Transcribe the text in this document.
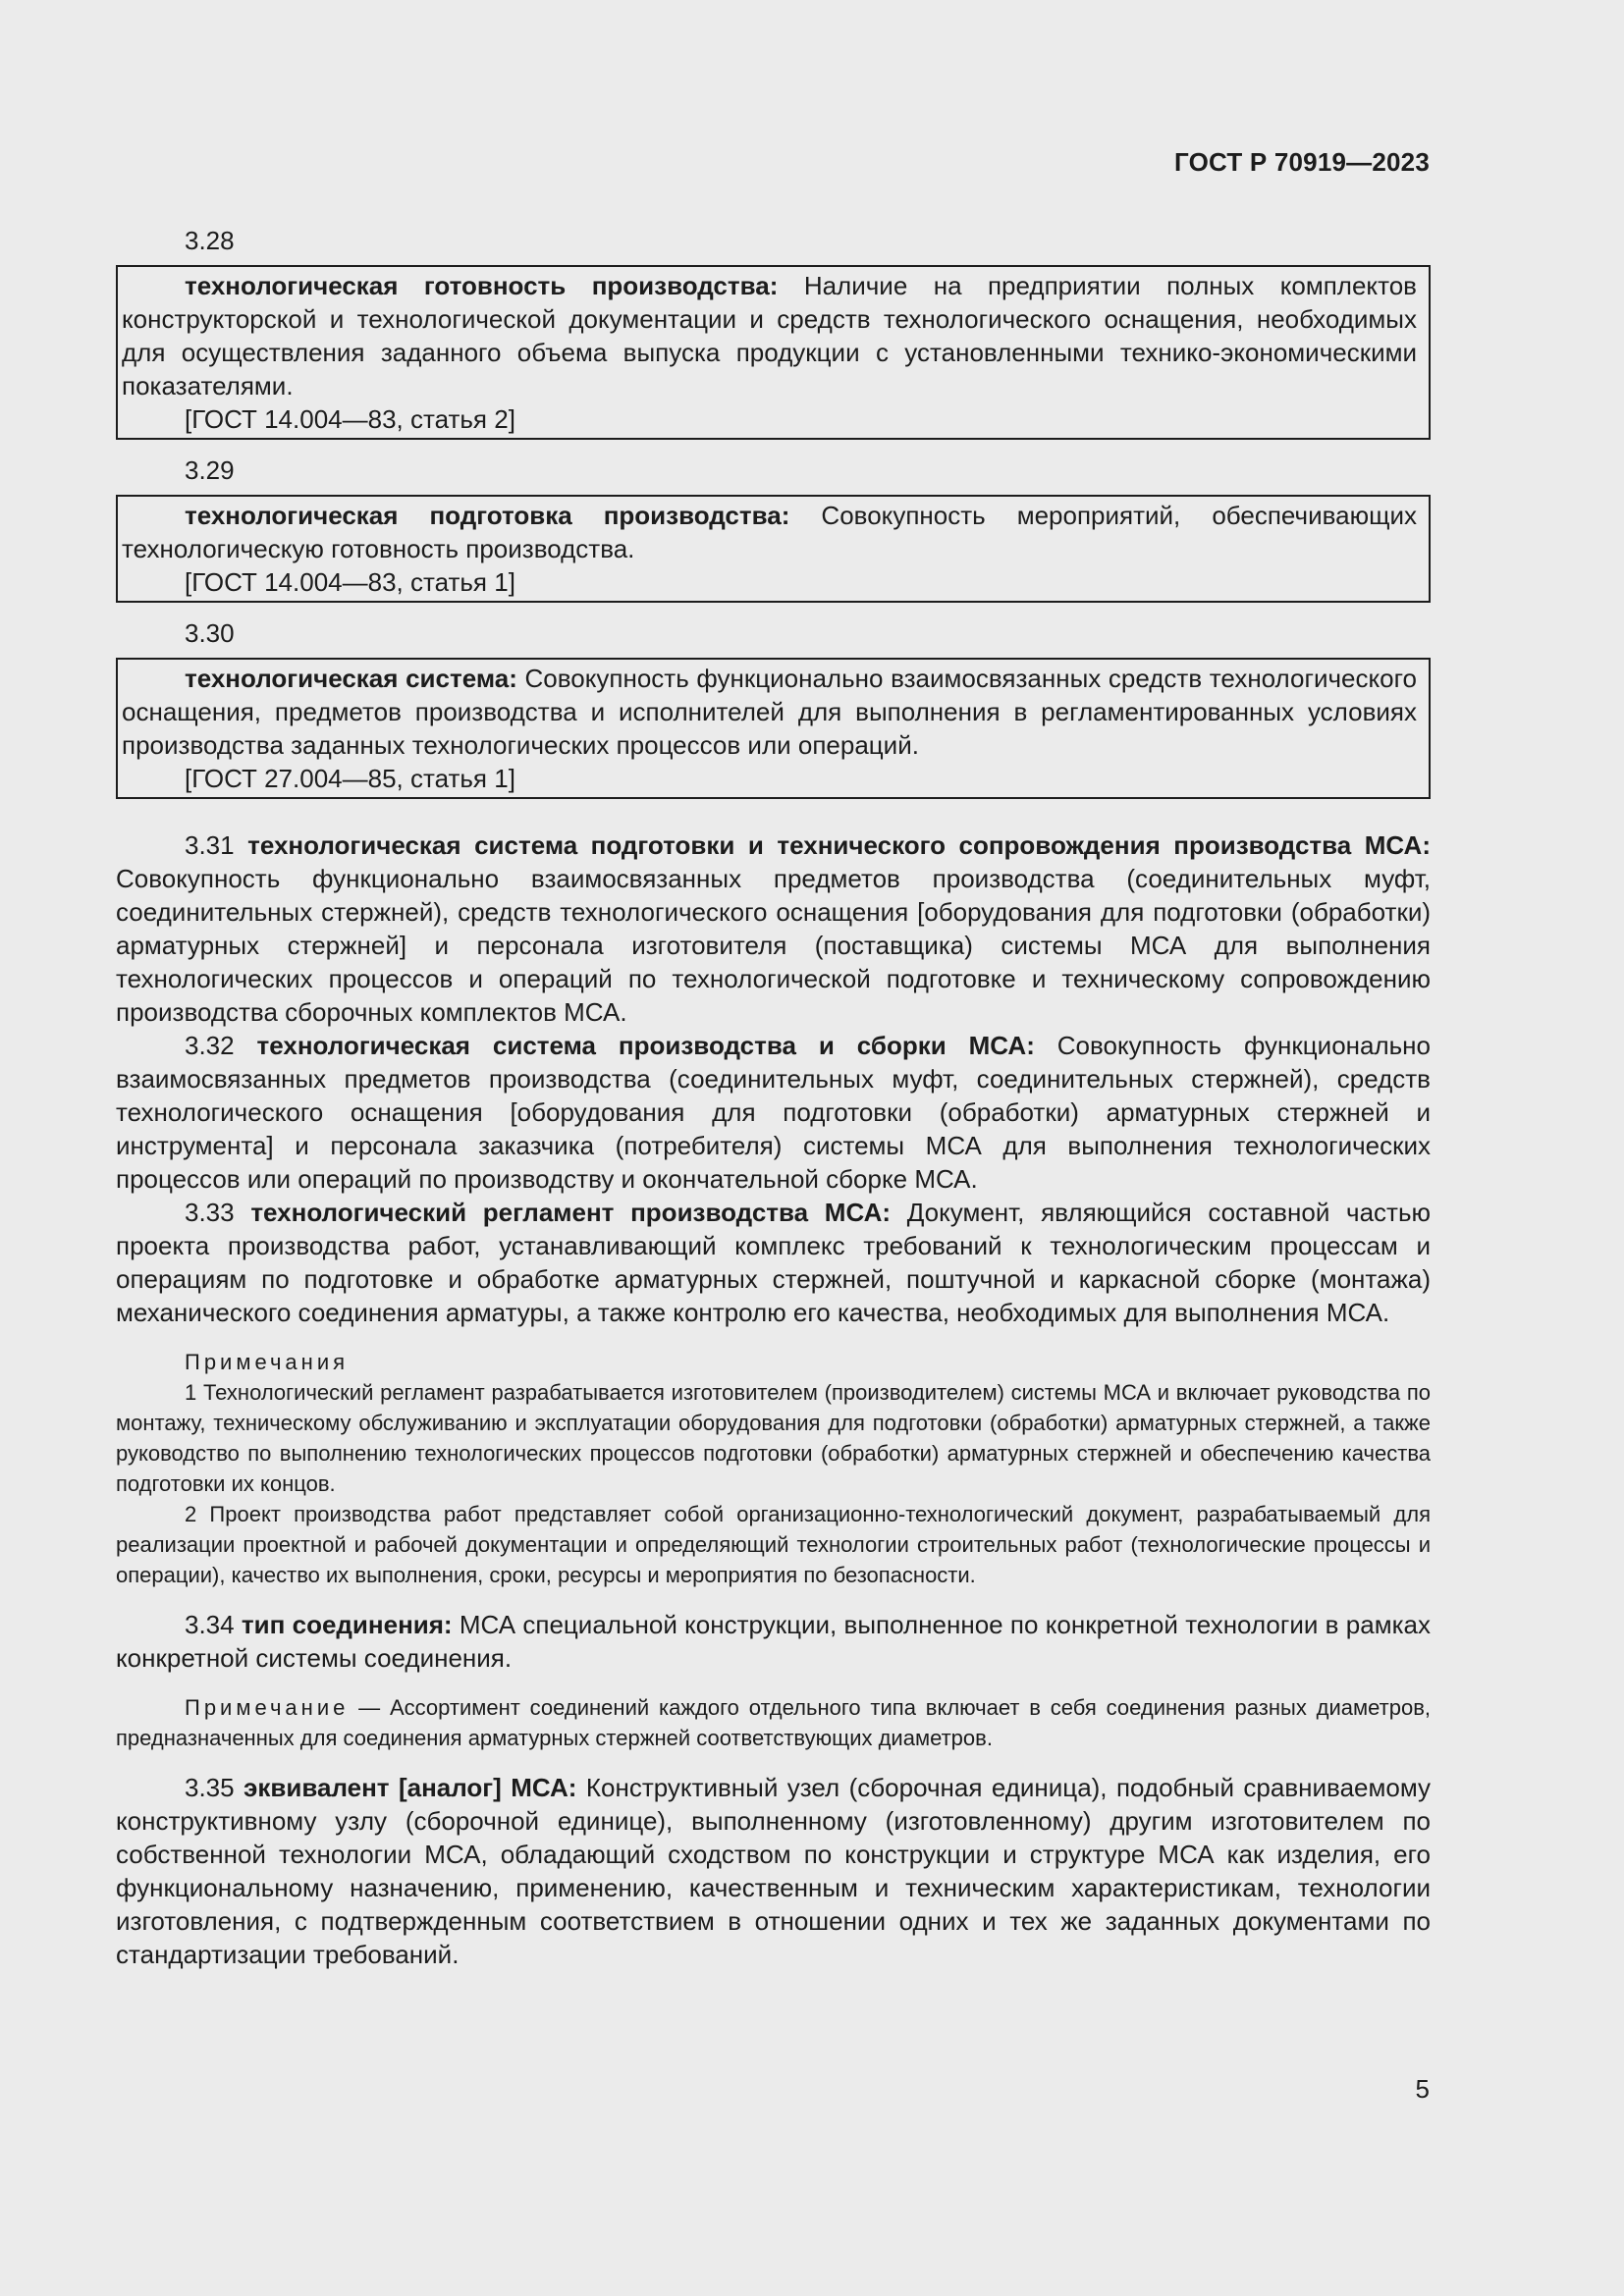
ГОСТ Р 70919—2023
3.28

технологическая готовность производства: Наличие на предприятии полных комплектов конструкторской и технологической документации и средств технологического оснащения, необходимых для осуществления заданного объема выпуска продукции с установленными технико-экономическими показателями.

[ГОСТ 14.004—83, статья 2]

3.29

технологическая подготовка производства: Совокупность мероприятий, обеспечивающих технологическую готовность производства.

[ГОСТ 14.004—83, статья 1]

3.30

технологическая система: Совокупность функционально взаимосвязанных средств технологического оснащения, предметов производства и исполнителей для выполнения в регламентированных условиях производства заданных технологических процессов или операций.

[ГОСТ 27.004—85, статья 1]

3.31 технологическая система подготовки и технического сопровождения производства МСА: Совокупность функционально взаимосвязанных предметов производства (соединительных муфт, соединительных стержней), средств технологического оснащения [оборудования для подготовки (обработки) арматурных стержней] и персонала изготовителя (поставщика) системы МСА для выполнения технологических процессов и операций по технологической подготовке и техническому сопровождению производства сборочных комплектов МСА.

3.32 технологическая система производства и сборки МСА: Совокупность функционально взаимосвязанных предметов производства (соединительных муфт, соединительных стержней), средств технологического оснащения [оборудования для подготовки (обработки) арматурных стержней и инструмента] и персонала заказчика (потребителя) системы МСА для выполнения технологических процессов или операций по производству и окончательной сборке МСА.

3.33 технологический регламент производства МСА: Документ, являющийся составной частью проекта производства работ, устанавливающий комплекс требований к технологическим процессам и операциям по подготовке и обработке арматурных стержней, поштучной и каркасной сборке (монтажа) механического соединения арматуры, а также контролю его качества, необходимых для выполнения МСА.

Примечания

1 Технологический регламент разрабатывается изготовителем (производителем) системы МСА и включает руководства по монтажу, техническому обслуживанию и эксплуатации оборудования для подготовки (обработки) арматурных стержней, а также руководство по выполнению технологических процессов подготовки (обработки) арматурных стержней и обеспечению качества подготовки их концов.

2 Проект производства работ представляет собой организационно-технологический документ, разрабатываемый для реализации проектной и рабочей документации и определяющий технологии строительных работ (технологические процессы и операции), качество их выполнения, сроки, ресурсы и мероприятия по безопасности.

3.34 тип соединения: МСА специальной конструкции, выполненное по конкретной технологии в рамках конкретной системы соединения.

Примечание — Ассортимент соединений каждого отдельного типа включает в себя соединения разных диаметров, предназначенных для соединения арматурных стержней соответствующих диаметров.

3.35 эквивалент [аналог] МСА: Конструктивный узел (сборочная единица), подобный сравниваемому конструктивному узлу (сборочной единице), выполненному (изготовленному) другим изготовителем по собственной технологии МСА, обладающий сходством по конструкции и структуре МСА как изделия, его функциональному назначению, применению, качественным и техническим характеристикам, технологии изготовления, с подтвержденным соответствием в отношении одних и тех же заданных документами по стандартизации требований.

5
